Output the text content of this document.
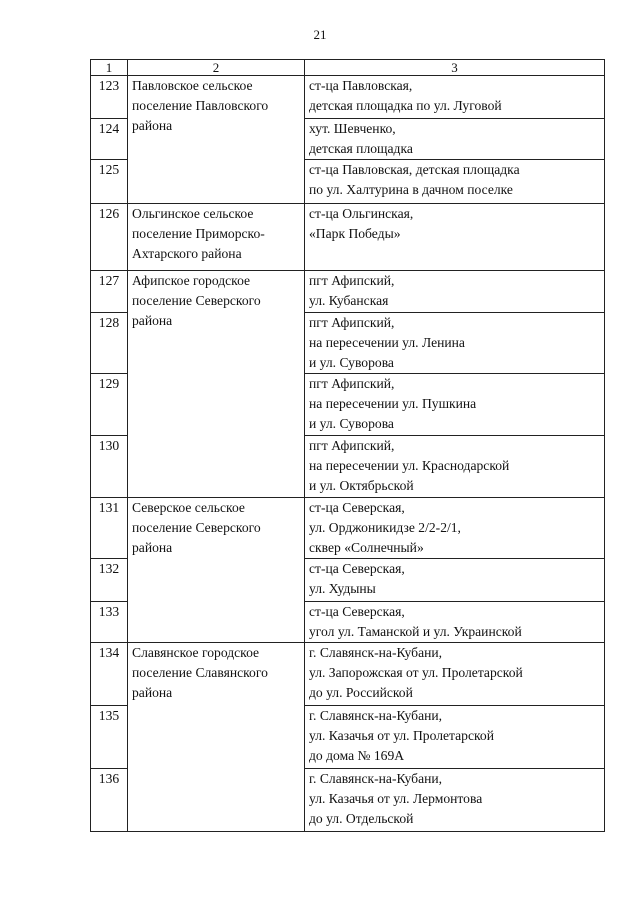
21
1	2	3
123	Павловское сельское
поселение Павловского
района	ст-ца Павловская,
детская площадка по ул. Луговой

124		хут. Шевченко,
детская площадка

125		ст-ца Павловская, детская площадка
по ул. Халтурина в дачном поселке

126	Ольгинское сельское
поселение Приморско-
Ахтарского района	ст-ца Ольгинская,
«Парк Победы»

127	Афипское городское
поселение Северского
района	пгт Афипский,
ул. Кубанская

128		пгт Афипский,
на пересечении ул. Ленина
и ул. Суворова

129		пгт Афипский,
на пересечении ул. Пушкина
и ул. Суворова

130		пгт Афипский,
на пересечении ул. Краснодарской
и ул. Октябрьской

131	Северское сельское
поселение Северского
района	ст-ца Северская,
ул. Орджоникидзе 2/2-2/1,
сквер «Солнечный»

132		ст-ца Северская,
ул. Худыны

133		ст-ца Северская,
угол ул. Таманской и ул. Украинской

134	Славянское городское
поселение Славянского
района	г. Славянск-на-Кубани,
ул. Запорожская от ул. Пролетарской
до ул. Российской

135		г. Славянск-на-Кубани,
ул. Казачья от ул. Пролетарской
до дома № 169А

136		г. Славянск-на-Кубани,
ул. Казачья от ул. Лермонтова
до ул. Отдельской
